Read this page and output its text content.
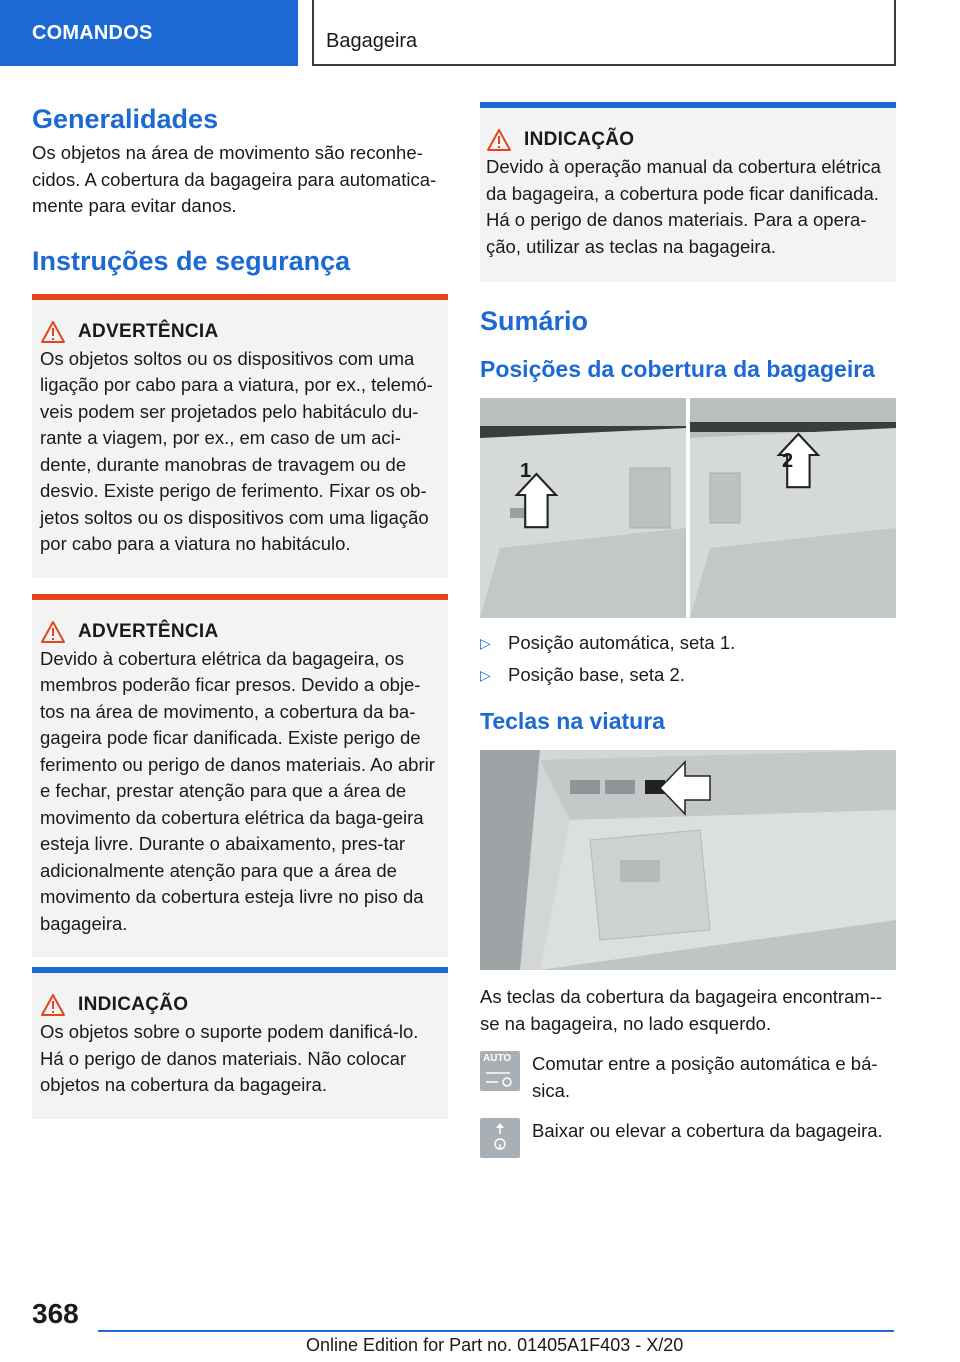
COMANDOS	Bagageira
Generalidades

Os objetos na área de movimento são reconhe-cidos. A cobertura da bagageira para automatica-mente para evitar danos.

Instruções de segurança
ADVERTÊNCIA

Os objetos soltos ou os dispositivos com uma ligação por cabo para a viatura, por ex., telemó-veis podem ser projetados pelo habitáculo du-rante a viagem, por ex., em caso de um aci-dente, durante manobras de travagem ou de desvio. Existe perigo de ferimento. Fixar os ob-jetos soltos ou os dispositivos com uma ligação por cabo para a viatura no habitáculo.

ADVERTÊNCIA

Devido à cobertura elétrica da bagageira, os membros poderão ficar presos. Devido a obje-tos na área de movimento, a cobertura da ba-gageira pode ficar danificada. Existe perigo de ferimento ou perigo de danos materiais. Ao abrir e fechar, prestar atenção para que a área de movimento da cobertura elétrica da baga-geira esteja livre. Durante o abaixamento, pres-tar adicionalmente atenção para que a área de movimento da cobertura esteja livre no piso da bagageira.

INDICAÇÃO

Os objetos sobre o suporte podem danificá-lo. Há o perigo de danos materiais. Não colocar objetos na cobertura da bagageira.

INDICAÇÃO

Devido à operação manual da cobertura elétrica da bagageira, a cobertura pode ficar danificada. Há o perigo de danos materiais. Para a opera-ção, utilizar as teclas na bagageira.

Sumário
Posições da cobertura da bagageira
1	2
▷ Posição automática, seta 1.
▷ Posição base, seta 2.
Teclas na viatura

As teclas da cobertura da bagageira encontram--se na bagageira, no lado esquerdo.

AUTO Comutar entre a posição automática e bá-sica.

Baixar ou elevar a cobertura da bagageira.

368
Online Edition for Part no. 01405A1F403 - X/20
